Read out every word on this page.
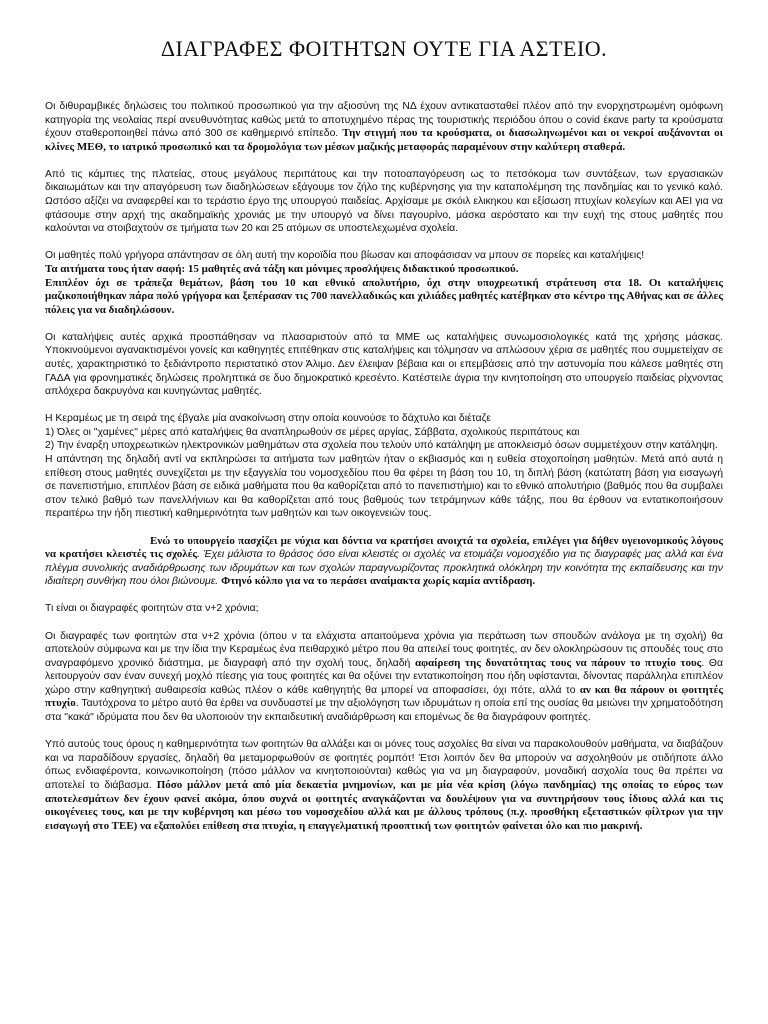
ΔΙΑΓΡΑΦΕΣ ΦΟΙΤΗΤΩΝ ΟΥΤΕ ΓΙΑ ΑΣΤΕΙΟ.

Οι διθυραμβικές δηλώσεις του πολιτικού προσωπικού για την αξιοσύνη της ΝΔ έχουν αντικατασταθεί πλέον από την ενορχηστρωμένη ομόφωνη κατηγορία της νεολαίας περί ανευθυνότητας καθώς μετά το αποτυχημένο πέρας της τουριστικής περιόδου όπου ο covid έκανε party τα κρούσματα έχουν σταθεροποιηθεί πάνω από 300 σε καθημερινό επίπεδο. Την στιγμή που τα κρούσματα, οι διασωληνωμένοι και οι νεκροί αυξάνονται οι κλίνες ΜΕΘ, το ιατρικό προσωπικό και τα δρομολόγια των μέσων μαζικής μεταφοράς παραμένουν στην καλύτερη σταθερά.

Από τις κάμπιες της πλατείας, στους μεγάλους περιπάτους και την ποτοαπαγόρευση ως το πετσόκομα των συντάξεων, των εργασιακών δικαιωμάτων και την απαγόρευση των διαδηλώσεων εξάγουμε τον ζήλο της κυβέρνησης για την καταπολέμηση της πανδημίας και το γενικό καλό. Ωστόσο αξίζει να αναφερθεί και το τεράστιο έργο της υπουργού παιδείας. Αρχίσαμε με σκόιλ ελικηκου και εξίσωση πτυχίων κολεγίων και ΑΕΙ για να φτάσουμε στην αρχή της ακαδημαϊκής χρονιάς με την υπουργό να δίνει παγουρίνο, μάσκα αερόστατο και την ευχή της στους μαθητές που καλούνται να στοιβαχτούν σε τμήματα των 20 και 25 ατόμων σε υποστελεχωμένα σχολεία.

Οι μαθητές πολύ γρήγορα απάντησαν σε όλη αυτή την κοροϊδία που βίωσαν και αποφάσισαν να μπουν σε πορείες και καταλήψεις!
Τα αιτήματα τους ήταν σαφή: 15 μαθητές ανά τάξη και μόνιμες προσλήψεις διδακτικού προσωπικού.
Επιπλέον όχι σε τράπεζα θεμάτων, βάση του 10 και εθνικό απολυτήριο, όχι στην υποχρεωτική στράτευση στα 18. Οι καταλήψεις μαζικοποιήθηκαν πάρα πολύ γρήγορα και ξεπέρασαν τις 700 πανελλαδικώς και χιλιάδες μαθητές κατέβηκαν στο κέντρο της Αθήνας και σε άλλες πόλεις για να διαδηλώσουν.

Οι καταλήψεις αυτές αρχικά προσπάθησαν να πλασαριστούν από τα ΜΜΕ ως καταλήψεις συνωμοσιολογικές κατά της χρήσης μάσκας. Υποκινούμενοι αγανακτισμένοι γονείς και καθηγητές επιτέθηκαν στις καταλήψεις και τόλμησαν να απλώσουν χέρια σε μαθητές που συμμετείχαν σε αυτές, χαρακτηριστικό το ξεδιάντροπο περιστατικό στον Άλιμο. Δεν έλειψαν βέβαια και οι επεμβάσεις από την αστυνομία που κάλεσε μαθητές στη ΓΑΔΑ για φρονηματικές δηλώσεις προληπτικά σε δυο δημοκρατικό κρεσέντο. Κατέστειλε άγρια την κινητοποίηση στο υπουργείο παιδείας ρίχνοντας απλόχερα δακρυγόνα και κυνηγώντας μαθητές.

Η Κεραμέως με τη σειρά της έβγαλε μία ανακοίνωση στην οποία κουνούσε το δάχτυλο και διέταζε
1) Όλες οι "χαμένες" μέρες από καταλήψεις θα αναπληρωθούν σε μέρες αργίας, Σάββατα, σχολικούς περιπάτους και
2) Την έναρξη υποχρεωτικών ηλεκτρονικών μαθημάτων στα σχολεία που τελούν υπό κατάληψη με αποκλεισμό όσων συμμετέχουν στην κατάληψη.
Η απάντηση της δηλαδή αντί να εκπληρώσει τα αιτήματα των μαθητών ήταν ο εκβιασμός και η ευθεία στοχοποίηση μαθητών. Μετά από αυτά η επίθεση στους μαθητές συνεχίζεται με την εξαγγελία του νομοσχεδίου που θα φέρει τη βάση του 10, τη διπλή βάση (κατώτατη βάση για εισαγωγή σε πανεπιστήμιο, επιπλέον βάση σε ειδικά μαθήματα που θα καθορίζεται από το πανεπιστήμιο) και το εθνικό απολυτήριο (βαθμός που θα συμβαλει στον τελικό βαθμό των πανελλήνιων και θα καθορίζεται από τους βαθμούς των τετράμηνων κάθε τάξης, που θα έρθουν να εντατικοποιήσουν περαιτέρω την ήδη πιεστική καθημερινότητα των μαθητών και των οικογενειών τους.

Ενώ το υπουργείο πασχίζει με νύχια και δόντια να κρατήσει ανοιχτά τα σχολεία, επιλέγει για δήθεν υγειονομικούς λόγους να κρατήσει κλειστές τις σχολές. Έχει μάλιστα το θράσος όσο είναι κλειστές οι σχολές να ετοιμάζει νομοσχέδιο για τις διαγραφές μας αλλά και ένα πλέγμα συνολικής αναδιάρθρωσης των ιδρυμάτων και των σχολών παραγνωρίζοντας προκλητικά ολόκληρη την κοινότητα της εκπαίδευσης και την ιδιαίτερη συνθήκη που όλοι βιώνουμε. Φτηνό κόλπο για να το περάσει αναίμακτα χωρίς καμία αντίδραση.

Τι είναι οι διαγραφές φοιτητών στα ν+2 χρόνια;

Οι διαγραφές των φοιτητών στα ν+2 χρόνια (όπου ν τα ελάχιστα απαιτούμενα χρόνια για περάτωση των σπουδών ανάλογα με τη σχολή) θα αποτελούν σύμφωνα και με την ίδια την Κεραμέως ένα πειθαρχικό μέτρο που θα απειλεί τους φοιτητές, αν δεν ολοκληρώσουν τις σπουδές τους στο αναγραφόμενο χρονικό διάστημα, με διαγραφή από την σχολή τους, δηλαδή αφαίρεση της δυνατότητας τους να πάρουν το πτυχίο τους. Θα λειτουργούν σαν έναν συνεχή μοχλό πίεσης για τους φοιτητές και θα οξύνει την εντατικοποίηση που ήδη υφίστανται, δίνοντας παράλληλα επιπλέον χώρο στην καθηγητική αυθαιρεσία καθώς πλέον ο κάθε καθηγητής θα μπορεί να αποφασίσει, όχι πότε, αλλά το αν και θα πάρουν οι φοιτητές πτυχίο. Ταυτόχρονα το μέτρο αυτό θα έρθει να συνδυαστεί με την αξιολόγηση των ιδρυμάτων η οποία επί της ουσίας θα μειώνει την χρηματοδότηση στα "κακά" ιδρύματα που δεν θα υλοποιούν την εκπαιδευτική αναδιάρθρωση και επομένως δε θα διαγράφουν φοιτητές.

Υπό αυτούς τους όρους η καθημερινότητα των φοιτητών θα αλλάξει και οι μόνες τους ασχολίες θα είναι να παρακολουθούν μαθήματα, να διαβάζουν και να παραδίδουν εργασίες, δηλαδή θα μεταμορφωθούν σε φοιτητές ρομπότ! Έτσι λοιπόν δεν θα μπορούν να ασχοληθούν με οτιδήποτε άλλο όπως ενδιαφέροντα, κοινωνικοποίηση (πόσο μάλλον να κινητοποιούνται) καθώς για να μη διαγραφούν, μοναδική ασχολία τους θα πρέπει να αποτελεί το διάβασμα. Πόσο μάλλον μετά από μία δεκαετία μνημονίων, και με μία νέα κρίση (λόγω πανδημίας) της οποίας το εύρος των αποτελεσμάτων δεν έχουν φανεί ακόμα, όπου συχνά οι φοιτητές αναγκάζονται να δουλέψουν για να συντηρήσουν τους ίδιους αλλά και τις οικογένειες τους, και με την κυβέρνηση και μέσω του νομοσχεδίου αλλά και με άλλους τρόπους (π.χ. προσθήκη εξεταστικών φίλτρων για την εισαγωγή στο ΤΕΕ) να εξαπολύει επίθεση στα πτυχία, η επαγγελματική προοπτική των φοιτητών φαίνεται όλο και πιο μακρινή.
